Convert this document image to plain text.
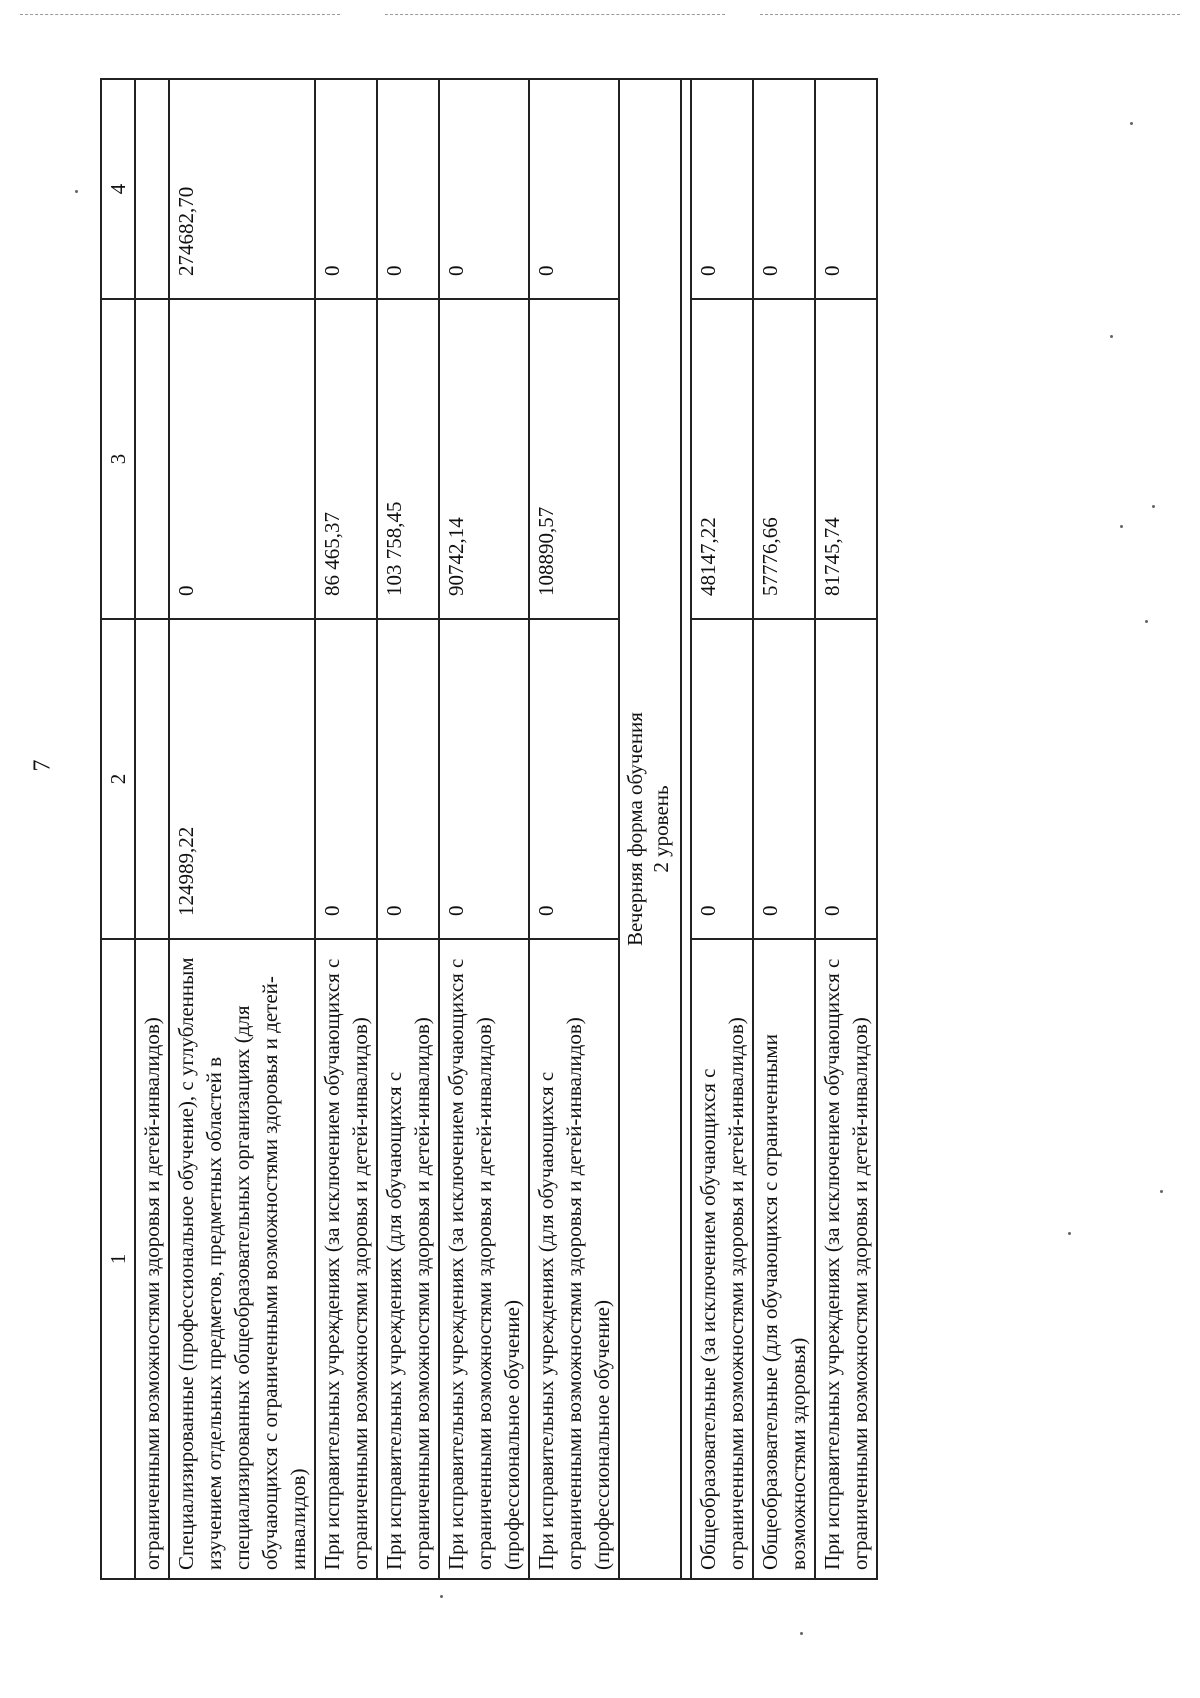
7
1	2	3	4
ограниченными возможностями здоровья и детей-инвалидов)			
Специализированные (профессиональное обучение), с углубленным изучением отдельных предметов, предметных областей в специализированных общеобразовательных организациях (для обучающихся с ограниченными возможностями здоровья и детей-инвалидов)	124989,22	0	274682,70
При исправительных учреждениях (за исключением обучающихся с ограниченными возможностями здоровья и детей-инвалидов)	0	86 465,37	0
При исправительных учреждениях (для обучающихся с ограниченными возможностями здоровья и детей-инвалидов)	0	103 758,45	0
При исправительных учреждениях (за исключением обучающихся с ограниченными возможностями здоровья и детей-инвалидов) (профессиональное обучение)	0	90742,14	0
При исправительных учреждениях (для обучающихся с ограниченными возможностями здоровья и детей-инвалидов) (профессиональное обучение)	0	108890,57	0

Вечерняя форма обучения 2 уровень			

Общеобразовательные (за исключением обучающихся с ограниченными возможностями здоровья и детей-инвалидов)	0	48147,22	0
Общеобразовательные (для обучающихся с ограниченными возможностями здоровья)	0	57776,66	0
При исправительных учреждениях (за исключением обучающихся с ограниченными возможностями здоровья и детей-инвалидов)	0	81745,74	0
